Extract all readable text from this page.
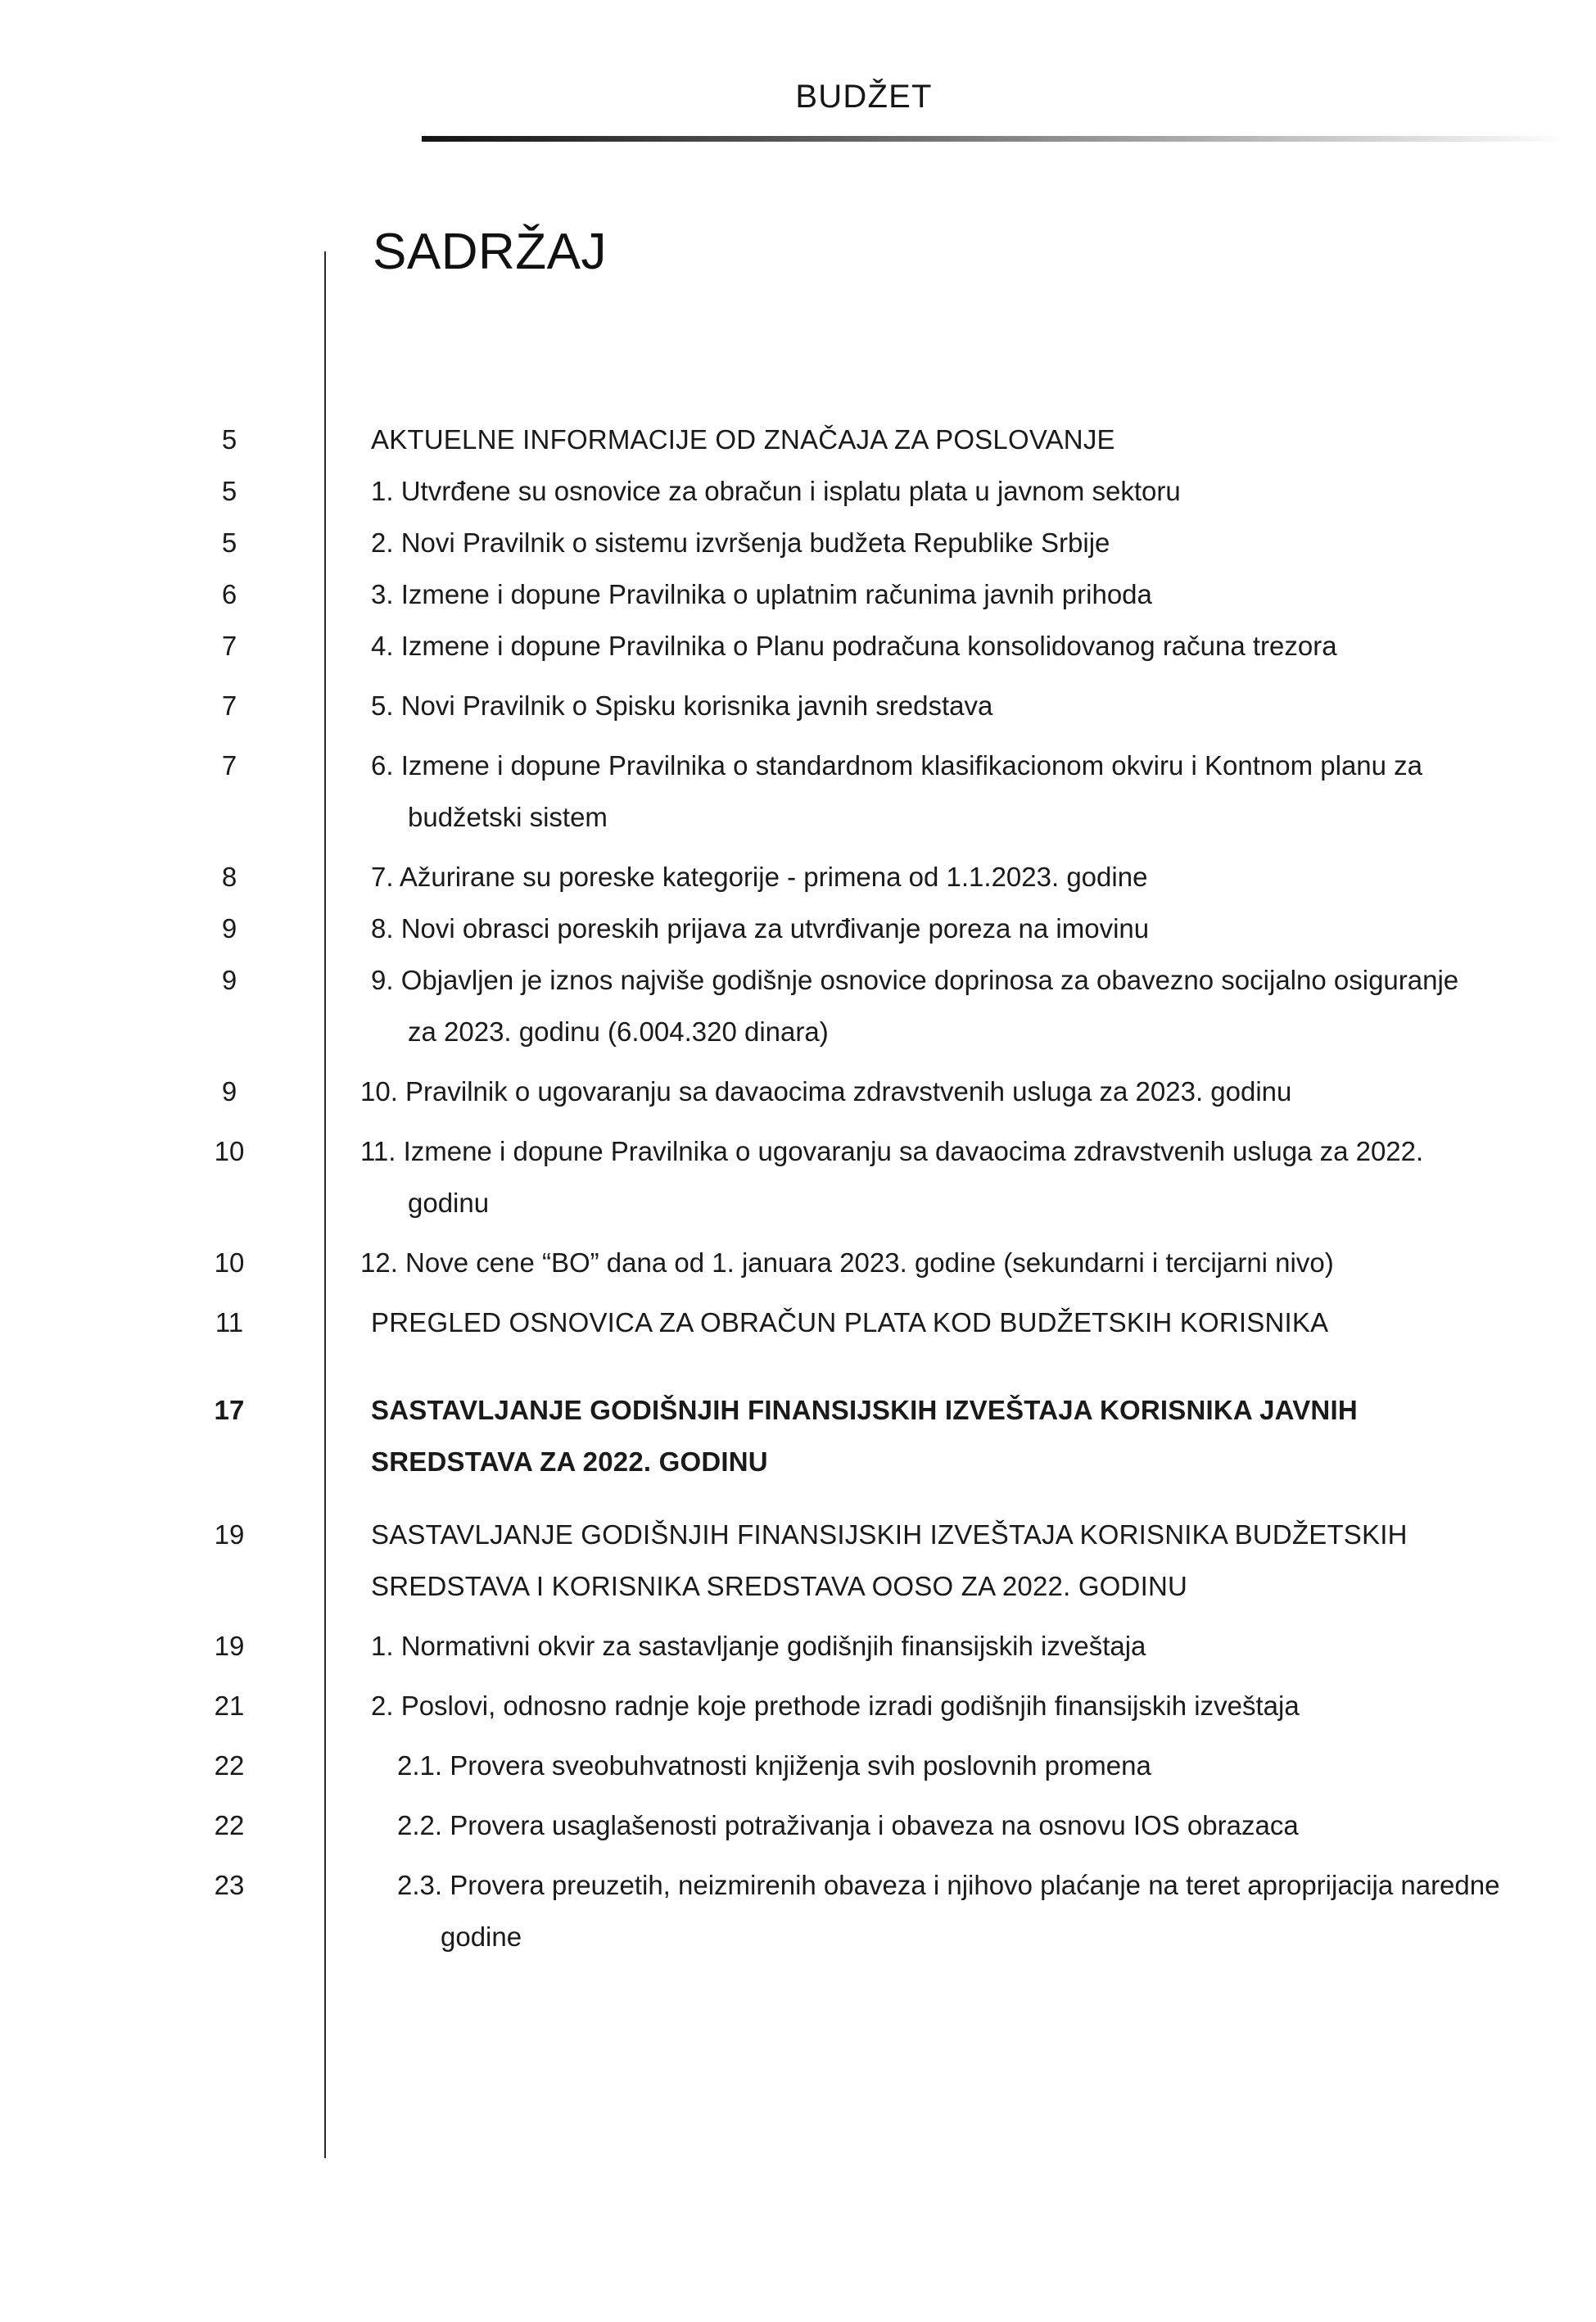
BUDŽET
SADRŽAJ
5	AKTUELNE INFORMACIJE OD ZNAČAJA ZA POSLOVANJE
5	1. Utvrđene su osnovice za obračun i isplatu plata u javnom sektoru
5	2. Novi Pravilnik o sistemu izvršenja budžeta Republike Srbije
6	3. Izmene i dopune Pravilnika o uplatnim računima javnih prihoda
7	4. Izmene i dopune Pravilnika o Planu podračuna konsolidovanog računa trezora
7	5. Novi Pravilnik o Spisku korisnika javnih sredstava
7	6. Izmene i dopune Pravilnika o standardnom klasifikacionom okviru i Kontnom planu za budžetski sistem
8	7. Ažurirane su poreske kategorije - primena od 1.1.2023. godine
9	8. Novi obrasci poreskih prijava za utvrđivanje poreza na imovinu
9	9. Objavljen je iznos najviše godišnje osnovice doprinosa za obavezno socijalno osiguranje za 2023. godinu (6.004.320 dinara)
9	10. Pravilnik o ugovaranju sa davaocima zdravstvenih usluga za 2023. godinu
10	11. Izmene i dopune Pravilnika o ugovaranju sa davaocima zdravstvenih usluga za 2022. godinu
10	12. Nove cene “BO” dana od 1. januara 2023. godine (sekundarni i tercijarni nivo)
11	PREGLED OSNOVICA ZA OBRAČUN PLATA KOD BUDŽETSKIH KORISNIKA
17	SASTAVLJANJE GODIŠNJIH FINANSIJSKIH IZVEŠTAJA KORISNIKA JAVNIH SREDSTAVA ZA 2022. GODINU
19	SASTAVLJANJE GODIŠNJIH FINANSIJSKIH IZVEŠTAJA KORISNIKA BUDŽETSKIH SREDSTAVA I KORISNIKA SREDSTAVA OOSO ZA 2022. GODINU
19	1. Normativni okvir za sastavljanje godišnjih finansijskih izveštaja
21	2. Poslovi, odnosno radnje koje prethode izradi godišnjih finansijskih izveštaja
22	2.1. Provera sveobuhvatnosti knjiženja svih poslovnih promena
22	2.2. Provera usaglašenosti potraživanja i obaveza na osnovu IOS obrazaca
23	2.3. Provera preuzetih, neizmirenih obaveza i njihovo plaćanje na teret aproprijacija naredne godine
